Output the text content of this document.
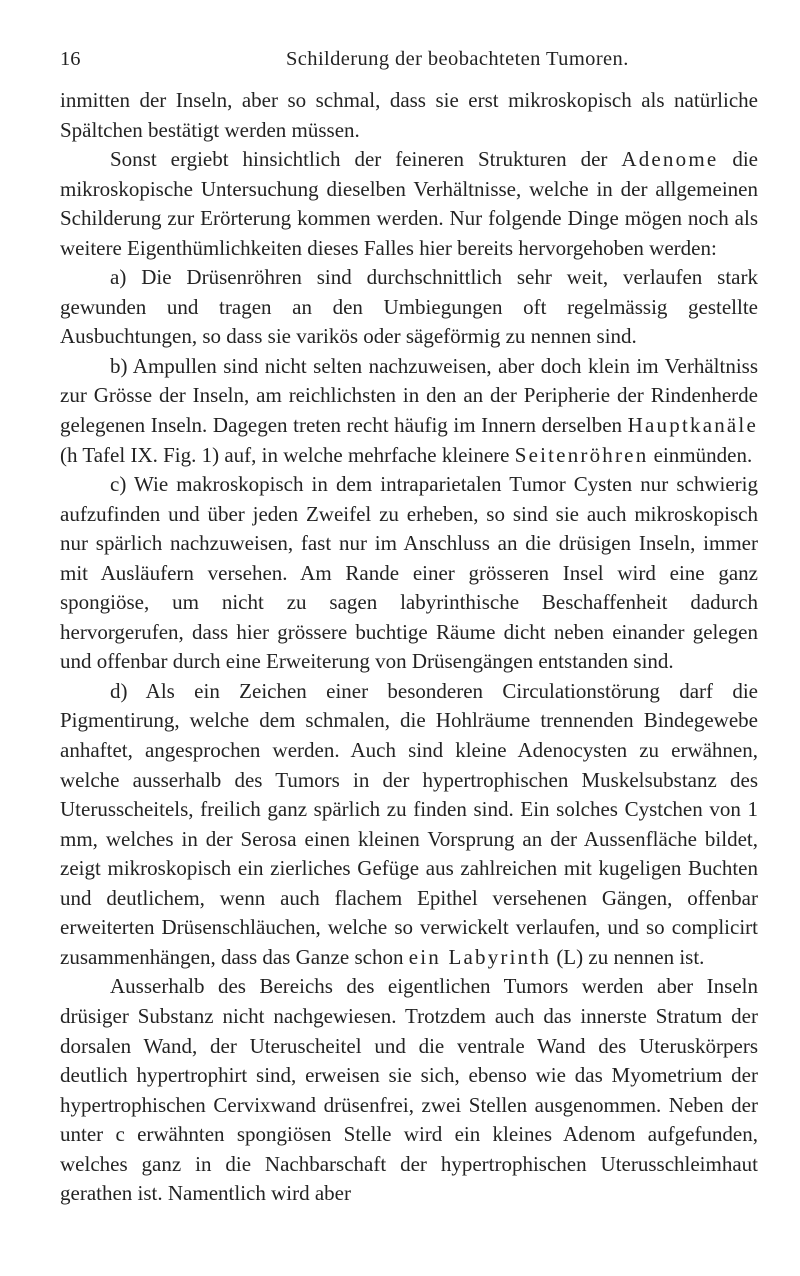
16	Schilderung der beobachteten Tumoren.

inmitten der Inseln, aber so schmal, dass sie erst mikroskopisch als natürliche Spältchen bestätigt werden müssen.

Sonst ergiebt hinsichtlich der feineren Strukturen der Adenome die mikroskopische Untersuchung dieselben Verhältnisse, welche in der allgemeinen Schilderung zur Erörterung kommen werden. Nur folgende Dinge mögen noch als weitere Eigenthümlichkeiten dieses Falles hier bereits hervorgehoben werden:

a) Die Drüsenröhren sind durchschnittlich sehr weit, verlaufen stark gewunden und tragen an den Umbiegungen oft regelmässig gestellte Ausbuchtungen, so dass sie varikös oder sägeförmig zu nennen sind.

b) Ampullen sind nicht selten nachzuweisen, aber doch klein im Verhältniss zur Grösse der Inseln, am reichlichsten in den an der Peripherie der Rindenherde gelegenen Inseln. Dagegen treten recht häufig im Innern derselben Hauptkanäle (h Tafel IX. Fig. 1) auf, in welche mehrfache kleinere Seitenröhren einmünden.

c) Wie makroskopisch in dem intraparietalen Tumor Cysten nur schwierig aufzufinden und über jeden Zweifel zu erheben, so sind sie auch mikroskopisch nur spärlich nachzuweisen, fast nur im Anschluss an die drüsigen Inseln, immer mit Ausläufern versehen. Am Rande einer grösseren Insel wird eine ganz spongiöse, um nicht zu sagen labyrinthische Beschaffenheit dadurch hervorgerufen, dass hier grössere buchtige Räume dicht neben einander gelegen und offenbar durch eine Erweiterung von Drüsengängen entstanden sind.

d) Als ein Zeichen einer besonderen Circulationstörung darf die Pigmentirung, welche dem schmalen, die Hohlräume trennenden Bindegewebe anhaftet, angesprochen werden. Auch sind kleine Adenocysten zu erwähnen, welche ausserhalb des Tumors in der hypertrophischen Muskelsubstanz des Uterusscheitels, freilich ganz spärlich zu finden sind. Ein solches Cystchen von 1 mm, welches in der Serosa einen kleinen Vorsprung an der Aussenfläche bildet, zeigt mikroskopisch ein zierliches Gefüge aus zahlreichen mit kugeligen Buchten und deutlichem, wenn auch flachem Epithel versehenen Gängen, offenbar erweiterten Drüsenschläuchen, welche so verwickelt verlaufen, und so complicirt zusammenhängen, dass das Ganze schon ein Labyrinth (L) zu nennen ist.

Ausserhalb des Bereichs des eigentlichen Tumors werden aber Inseln drüsiger Substanz nicht nachgewiesen. Trotzdem auch das innerste Stratum der dorsalen Wand, der Uteruscheitel und die ventrale Wand des Uteruskörpers deutlich hypertrophirt sind, erweisen sie sich, ebenso wie das Myometrium der hypertrophischen Cervixwand drüsenfrei, zwei Stellen ausgenommen. Neben der unter c erwähnten spongiösen Stelle wird ein kleines Adenom aufgefunden, welches ganz in die Nachbarschaft der hypertrophischen Uterusschleimhaut gerathen ist. Namentlich wird aber
